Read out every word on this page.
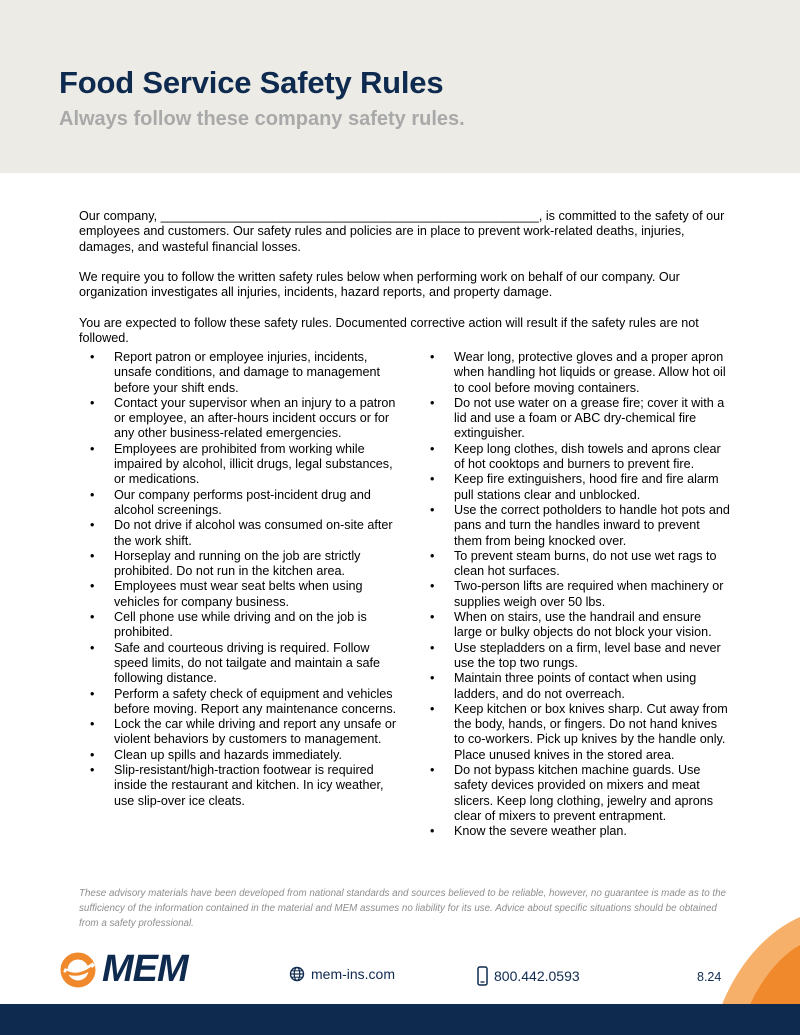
Food Service Safety Rules
Always follow these company safety rules.

Our company, ______________________________________________________, is committed to the safety of our employees and customers. Our safety rules and policies are in place to prevent work-related deaths, injuries, damages, and wasteful financial losses.

We require you to follow the written safety rules below when performing work on behalf of our company. Our organization investigates all injuries, incidents, hazard reports, and property damage.

You are expected to follow these safety rules. Documented corrective action will result if the safety rules are not followed.

• Report patron or employee injuries, incidents, unsafe conditions, and damage to management before your shift ends.
• Contact your supervisor when an injury to a patron or employee, an after-hours incident occurs or for any other business-related emergencies.
• Employees are prohibited from working while impaired by alcohol, illicit drugs, legal substances, or medications.
• Our company performs post-incident drug and alcohol screenings.
• Do not drive if alcohol was consumed on-site after the work shift.
• Horseplay and running on the job are strictly prohibited. Do not run in the kitchen area.
• Employees must wear seat belts when using vehicles for company business.
• Cell phone use while driving and on the job is prohibited.
• Safe and courteous driving is required. Follow speed limits, do not tailgate and maintain a safe following distance.
• Perform a safety check of equipment and vehicles before moving. Report any maintenance concerns.
• Lock the car while driving and report any unsafe or violent behaviors by customers to management.
• Clean up spills and hazards immediately.
• Slip-resistant/high-traction footwear is required inside the restaurant and kitchen. In icy weather, use slip-over ice cleats.
• Wear long, protective gloves and a proper apron when handling hot liquids or grease. Allow hot oil to cool before moving containers.
• Do not use water on a grease fire; cover it with a lid and use a foam or ABC dry-chemical fire extinguisher.
• Keep long clothes, dish towels and aprons clear of hot cooktops and burners to prevent fire.
• Keep fire extinguishers, hood fire and fire alarm pull stations clear and unblocked.
• Use the correct potholders to handle hot pots and pans and turn the handles inward to prevent them from being knocked over.
• To prevent steam burns, do not use wet rags to clean hot surfaces.
• Two-person lifts are required when machinery or supplies weigh over 50 lbs.
• When on stairs, use the handrail and ensure large or bulky objects do not block your vision.
• Use stepladders on a firm, level base and never use the top two rungs.
• Maintain three points of contact when using ladders, and do not overreach.
• Keep kitchen or box knives sharp. Cut away from the body, hands, or fingers. Do not hand knives to co-workers. Pick up knives by the handle only. Place unused knives in the stored area.
• Do not bypass kitchen machine guards. Use safety devices provided on mixers and meat slicers. Keep long clothing, jewelry and aprons clear of mixers to prevent entrapment.
• Know the severe weather plan.
These advisory materials have been developed from national standards and sources believed to be reliable, however, no guarantee is made as to the sufficiency of the information contained in the material and MEM assumes no liability for its use. Advice about specific situations should be obtained from a safety professional.
MEM	mem-ins.com	800.442.0593	8.24
